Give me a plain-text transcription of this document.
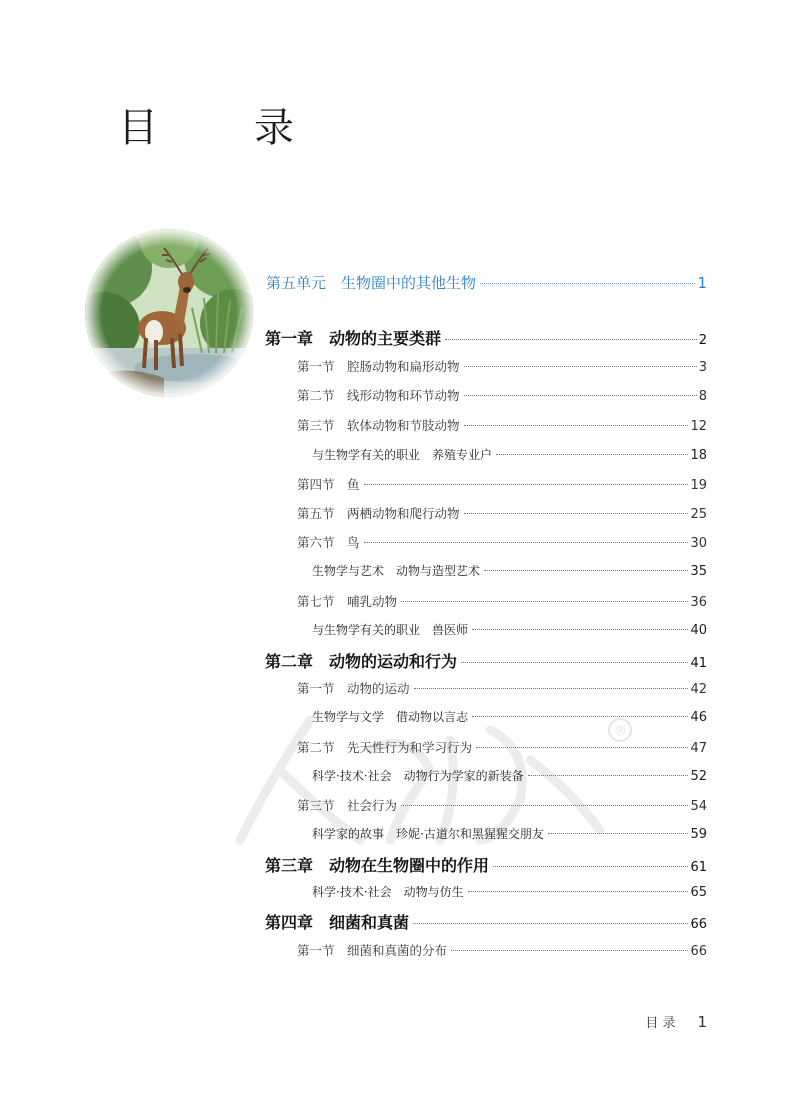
目　录
®
第五单元　生物圈中的其他生物	1
第一章　动物的主要类群	2
第一节　腔肠动物和扁形动物	3
第二节　线形动物和环节动物	8
第三节　软体动物和节肢动物	12
与生物学有关的职业　养殖专业户	18
第四节　鱼	19
第五节　两栖动物和爬行动物	25
第六节　鸟	30
生物学与艺术　动物与造型艺术	35
第七节　哺乳动物	36
与生物学有关的职业　兽医师	40
第二章　动物的运动和行为	41
第一节　动物的运动	42
生物学与文学　借动物以言志	46
第二节　先天性行为和学习行为	47
科学·技术·社会　动物行为学家的新装备	52
第三节　社会行为	54
科学家的故事　珍妮·古道尔和黑猩猩交朋友	59
第三章　动物在生物圈中的作用	61
科学·技术·社会　动物与仿生	65
第四章　细菌和真菌	66
第一节　细菌和真菌的分布	66
目 录 1
